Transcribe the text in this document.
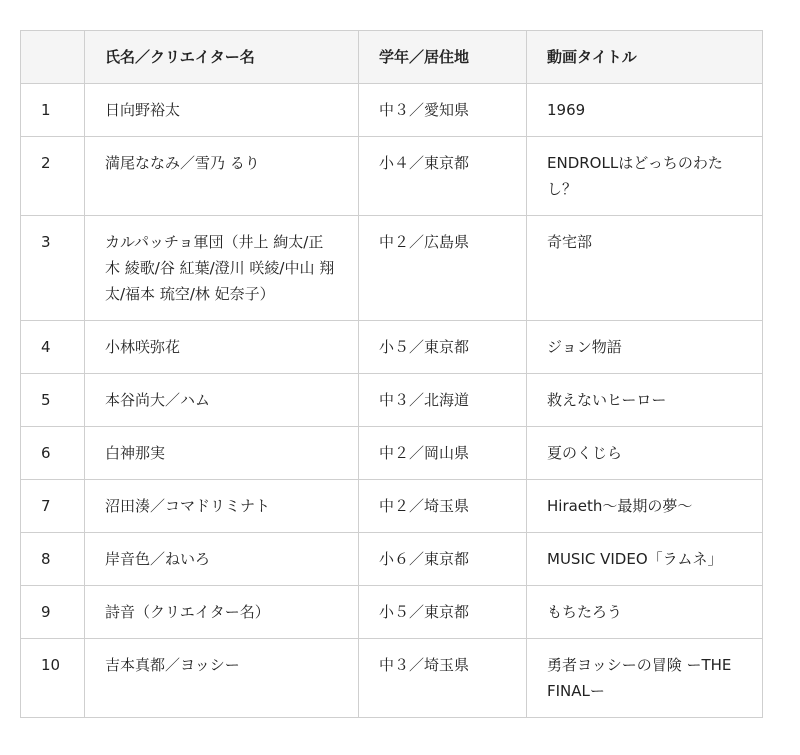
	氏名／クリエイター名	学年／居住地	動画タイトル
1	日向野裕太	中３／愛知県	1969
2	満尾ななみ／雪乃 るり	小４／東京都	ENDROLLはどっちのわたし？
3	カルパッチョ軍団（井上 絢太/正木 綾歌/谷 紅葉/澄川 咲綾/中山 翔太/福本 琉空/林 妃奈子）	中２／広島県	奇宅部
4	小林咲弥花	小５／東京都	ジョン物語
5	本谷尚大／ハム	中３／北海道	救えないヒーロー
6	白神那実	中２／岡山県	夏のくじら
7	沼田湊／コマドリミナト	中２／埼玉県	Hiraeth〜最期の夢〜
8	岸音色／ねいろ	小６／東京都	MUSIC VIDEO「ラムネ」
9	詩音（クリエイター名）	小５／東京都	もちたろう
10	吉本真都／ヨッシー	中３／埼玉県	勇者ヨッシーの冒険 ーTHE FINALー
